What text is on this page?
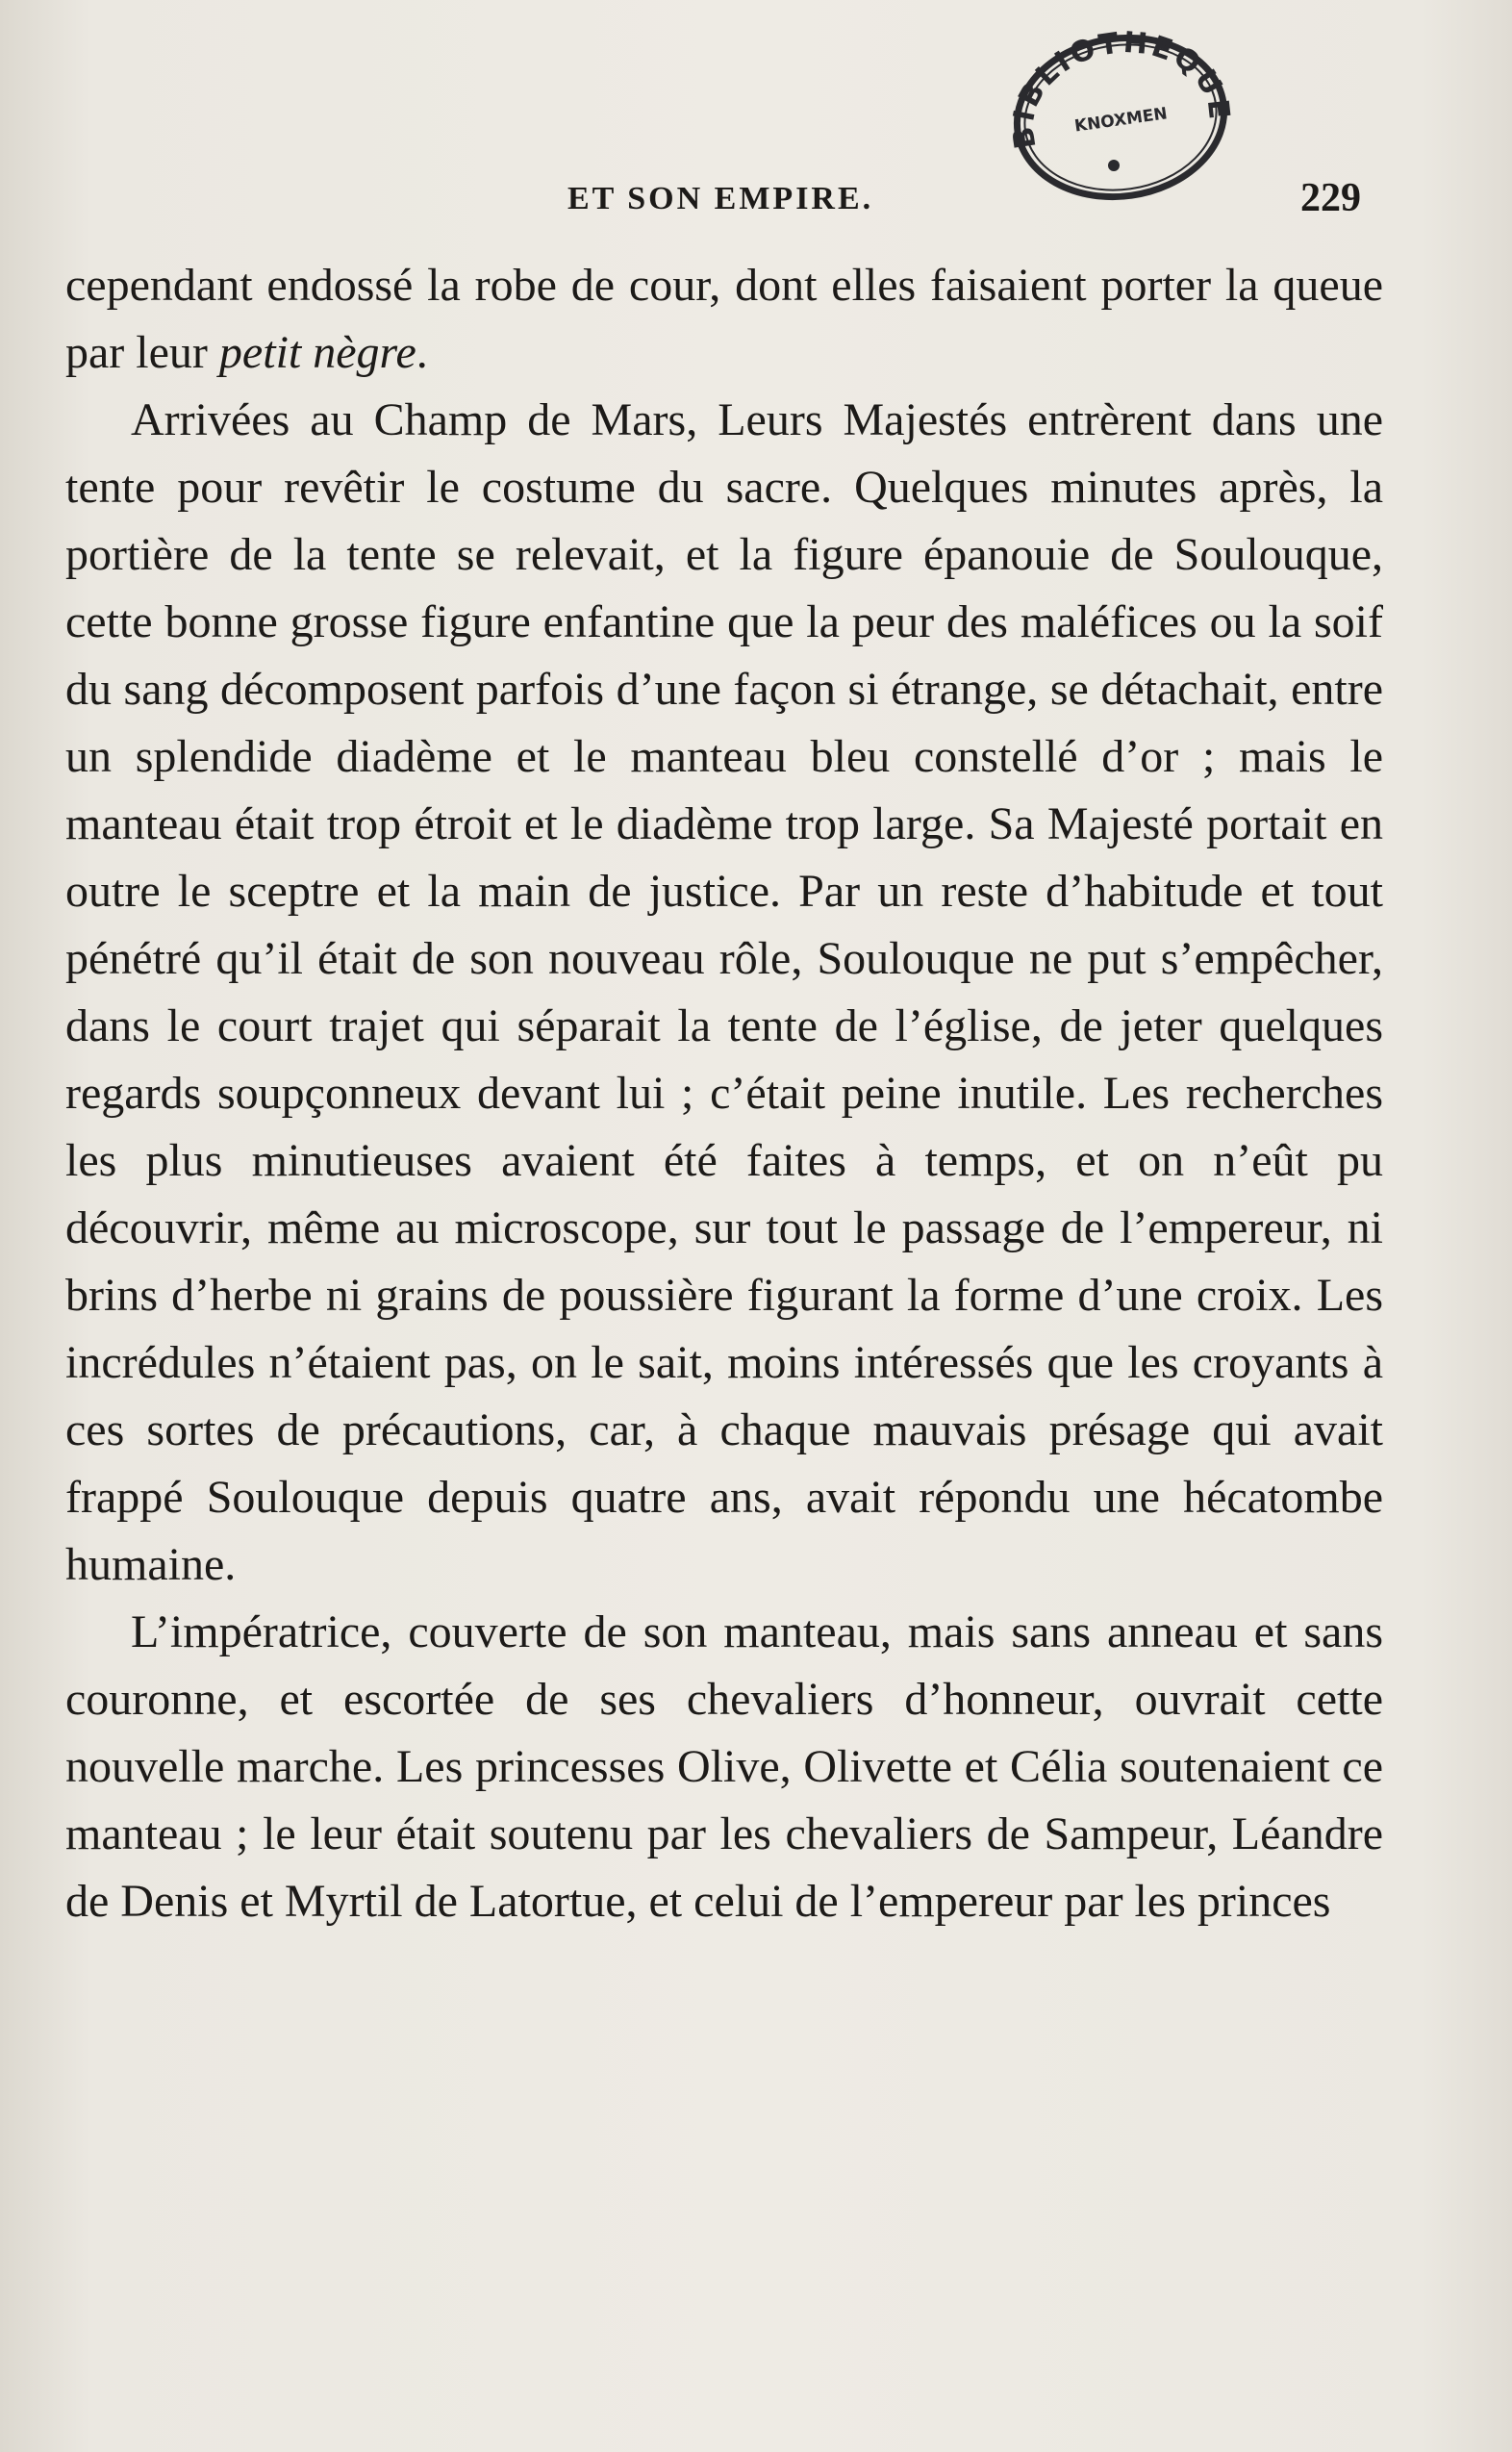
BIBLIOTHEQUE
KNOXMEN
ET SON EMPIRE.	229

cependant endossé la robe de cour, dont elles faisaient porter la queue par leur petit nègre.

Arrivées au Champ de Mars, Leurs Majestés entrèrent dans une tente pour revêtir le costume du sacre. Quelques minutes après, la portière de la tente se relevait, et la figure épanouie de Soulouque, cette bonne grosse figure enfantine que la peur des maléfices ou la soif du sang décomposent parfois d’une façon si étrange, se détachait, entre un splendide diadème et le manteau bleu constellé d’or ; mais le manteau était trop étroit et le diadème trop large. Sa Majesté portait en outre le sceptre et la main de justice. Par un reste d’habitude et tout pénétré qu’il était de son nouveau rôle, Soulouque ne put s’empêcher, dans le court trajet qui séparait la tente de l’église, de jeter quelques regards soupçonneux devant lui ; c’était peine inutile. Les recherches les plus minutieuses avaient été faites à temps, et on n’eût pu découvrir, même au microscope, sur tout le passage de l’empereur, ni brins d’herbe ni grains de poussière figurant la forme d’une croix. Les incrédules n’étaient pas, on le sait, moins intéressés que les croyants à ces sortes de précautions, car, à chaque mauvais présage qui avait frappé Soulouque depuis quatre ans, avait répondu une hécatombe humaine.

L’impératrice, couverte de son manteau, mais sans anneau et sans couronne, et escortée de ses chevaliers d’honneur, ouvrait cette nouvelle marche. Les princesses Olive, Olivette et Célia soutenaient ce manteau ; le leur était soutenu par les chevaliers de Sampeur, Léandre de Denis et Myrtil de Latortue, et celui de l’empereur par les princes
